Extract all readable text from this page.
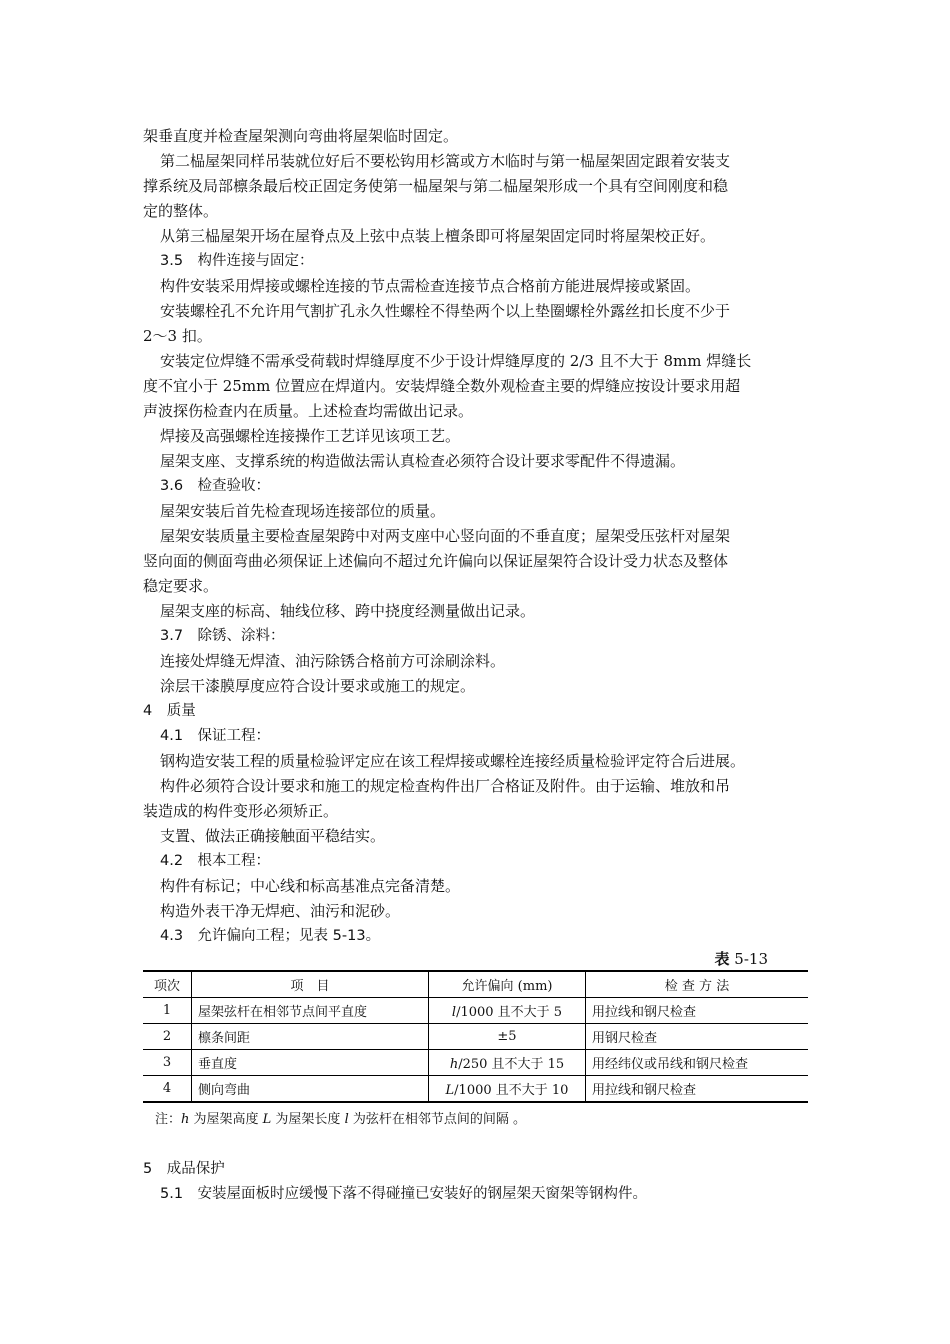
架垂直度并检查屋架测向弯曲将屋架临时固定。
第二榀屋架同样吊装就位好后不要松钩用杉篙或方木临时与第一榀屋架固定跟着安装支
撑系统及局部檩条最后校正固定务使第一榀屋架与第二榀屋架形成一个具有空间刚度和稳
定的整体。
从第三榀屋架开场在屋脊点及上弦中点装上檀条即可将屋架固定同时将屋架校正好。
3.5　构件连接与固定：
构件安装采用焊接或螺栓连接的节点需检查连接节点合格前方能进展焊接或紧固。
安装螺栓孔不允许用气割扩孔永久性螺栓不得垫两个以上垫圈螺栓外露丝扣长度不少于
2～3 扣。
安装定位焊缝不需承受荷载时焊缝厚度不少于设计焊缝厚度的 2/3 且不大于 8mm 焊缝长
度不宜小于 25mm 位置应在焊道内。安装焊缝全数外观检查主要的焊缝应按设计要求用超
声波探伤检查内在质量。上述检查均需做出记录。
焊接及高强螺栓连接操作工艺详见该项工艺。
屋架支座、支撑系统的构造做法需认真检查必须符合设计要求零配件不得遗漏。
3.6　检查验收：
屋架安装后首先检查现场连接部位的质量。
屋架安装质量主要检查屋架跨中对两支座中心竖向面的不垂直度；屋架受压弦杆对屋架
竖向面的侧面弯曲必须保证上述偏向不超过允许偏向以保证屋架符合设计受力状态及整体
稳定要求。
屋架支座的标高、轴线位移、跨中挠度经测量做出记录。
3.7　除锈、涂料：
连接处焊缝无焊渣、油污除锈合格前方可涂刷涂料。
涂层干漆膜厚度应符合设计要求或施工的规定。
4　质量
4.1　保证工程：
钢构造安装工程的质量检验评定应在该工程焊接或螺栓连接经质量检验评定符合后进展。
构件必须符合设计要求和施工的规定检查构件出厂合格证及附件。由于运输、堆放和吊
装造成的构件变形必须矫正。
支置、做法正确接触面平稳结实。
4.2　根本工程：
构件有标记；中心线和标高基准点完备清楚。
构造外表干净无焊疤、油污和泥砂。
4.3　允许偏向工程；见表 5-13。
表 5-13
项次	项　目	允许偏向 (mm)	检 查 方 法
1	屋架弦杆在相邻节点间平直度	l/1000 且不大于 5	用拉线和钢尺检查
2	檩条间距	±5	用钢尺检查
3	垂直度	h/250 且不大于 15	用经纬仪或吊线和钢尺检查
4	侧向弯曲	L/1000 且不大于 10	用拉线和钢尺检查
注：h 为屋架高度 L 为屋架长度 l 为弦杆在相邻节点间的间隔 。
5　成品保护
5.1　安装屋面板时应缓慢下落不得碰撞已安装好的钢屋架天窗架等钢构件。
